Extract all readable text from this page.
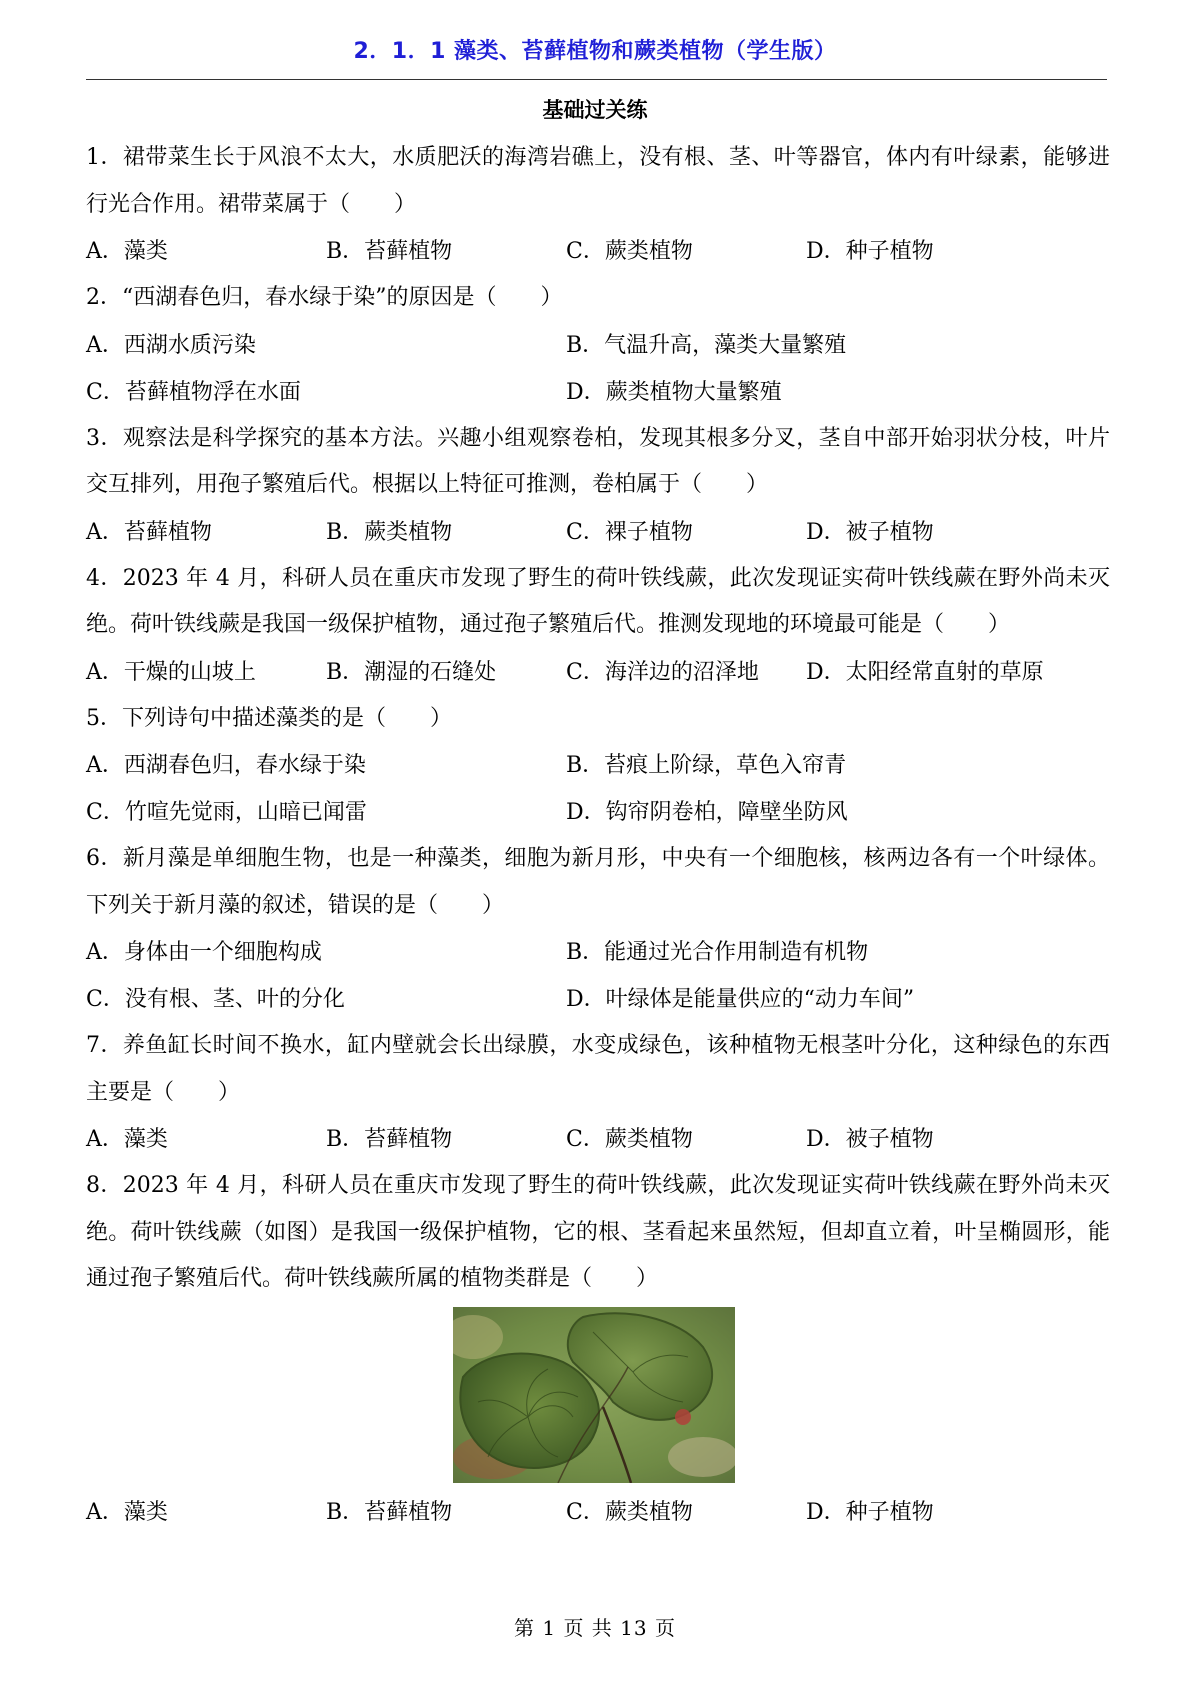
2．1．1 藻类、苔藓植物和蕨类植物（学生版）
基础过关练
1．裙带菜生长于风浪不太大，水质肥沃的海湾岩礁上，没有根、茎、叶等器官，体内有叶绿素，能够进行光合作用。裙带菜属于（　　）
A．藻类	B．苔藓植物	C．蕨类植物	D．种子植物
2．“西湖春色归，春水绿于染”的原因是（　　）
A．西湖水质污染	B．气温升高，藻类大量繁殖
C．苔藓植物浮在水面	D．蕨类植物大量繁殖
3．观察法是科学探究的基本方法。兴趣小组观察卷柏，发现其根多分叉，茎自中部开始羽状分枝，叶片交互排列，用孢子繁殖后代。根据以上特征可推测，卷柏属于（　　）
A．苔藓植物	B．蕨类植物	C．裸子植物	D．被子植物
4．2023 年 4 月，科研人员在重庆市发现了野生的荷叶铁线蕨，此次发现证实荷叶铁线蕨在野外尚未灭绝。荷叶铁线蕨是我国一级保护植物，通过孢子繁殖后代。推测发现地的环境最可能是（　　）
A．干燥的山坡上	B．潮湿的石缝处	C．海洋边的沼泽地	D．太阳经常直射的草原
5．下列诗句中描述藻类的是（　　）
A．西湖春色归，春水绿于染	B．苔痕上阶绿，草色入帘青
C．竹喧先觉雨，山暗已闻雷	D．钩帘阴卷柏，障壁坐防风
6．新月藻是单细胞生物，也是一种藻类，细胞为新月形，中央有一个细胞核，核两边各有一个叶绿体。下列关于新月藻的叙述，错误的是（　　）
A．身体由一个细胞构成	B．能通过光合作用制造有机物
C．没有根、茎、叶的分化	D．叶绿体是能量供应的“动力车间”
7．养鱼缸长时间不换水，缸内壁就会长出绿膜，水变成绿色，该种植物无根茎叶分化，这种绿色的东西主要是（　　）
A．藻类	B．苔藓植物	C．蕨类植物	D．被子植物
8．2023 年 4 月，科研人员在重庆市发现了野生的荷叶铁线蕨，此次发现证实荷叶铁线蕨在野外尚未灭绝。荷叶铁线蕨（如图）是我国一级保护植物，它的根、茎看起来虽然短，但却直立着，叶呈椭圆形，能通过孢子繁殖后代。荷叶铁线蕨所属的植物类群是（　　）
A．藻类	B．苔藓植物	C．蕨类植物	D．种子植物
第 1 页 共 13 页
